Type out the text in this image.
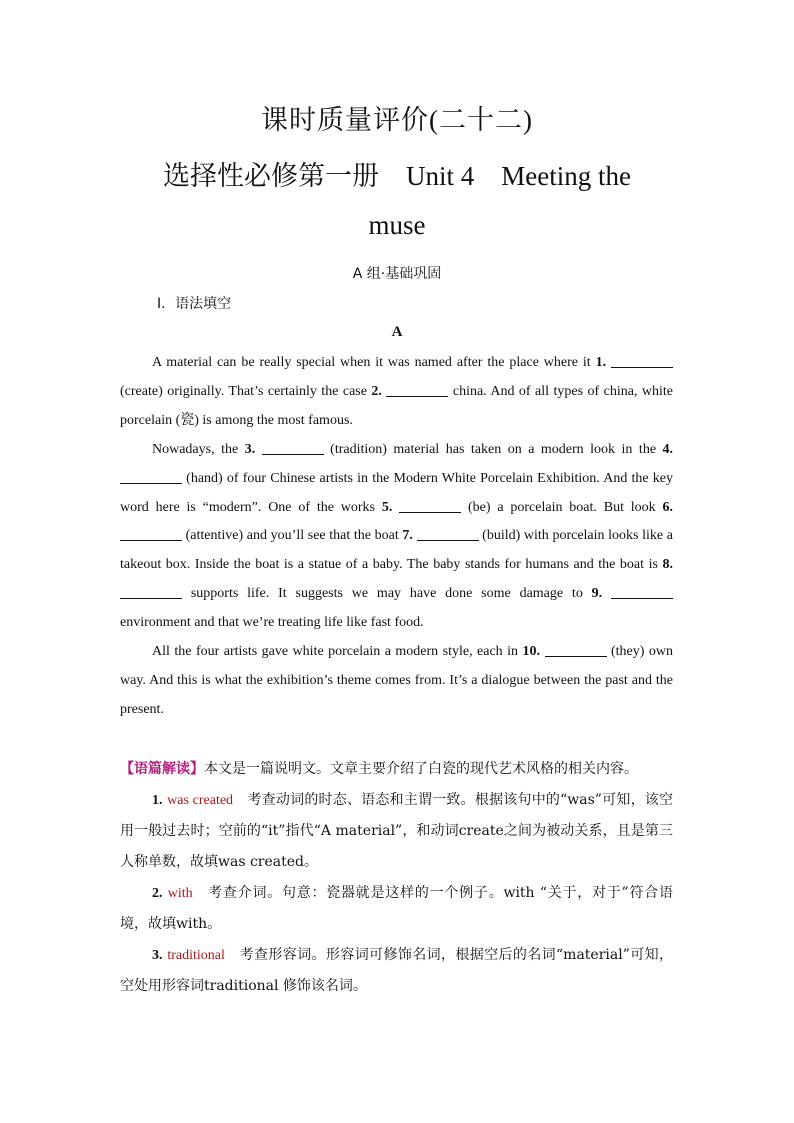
课时质量评价(二十二)
选择性必修第一册　Unit 4　Meeting the
muse
A 组·基础巩固
Ⅰ．语法填空
A

A material can be really special when it was named after the place where it 1.  (create) originally. That’s certainly the case 2.	china. And of all types of china, white porcelain (瓷) is among the most famous.

Nowadays, the 3.	(tradition) material has taken on a modern look in the 4.  (hand) of four Chinese artists in the Modern White Porcelain Exhibition. And the key word here is “modern”. One of the works 5.	(be) a porcelain boat. But look 6.  (attentive) and you’ll see that the boat 7.	(build) with porcelain looks like a takeout box. Inside the boat is a statue of a baby. The baby stands for humans and the boat is 8.  supports life. It suggests we may have done some damage to 9. environment and that we’re treating life like fast food.

All the four artists gave white porcelain a modern style, each in 10.	(they) own way. And this is what the exhibition’s theme comes from. It’s a dialogue between the past and the present.

【语篇解读】本文是一篇说明文。文章主要介绍了白瓷的现代艺术风格的相关内容。

1. was created　考查动词的时态、语态和主谓一致。根据该句中的“was”可知，该空用一般过去时；空前的“it”指代“A material”，和动词create之间为被动关系，且是第三人称单数，故填was created。

2. with　考查介词。句意：瓷器就是这样的一个例子。with “关于，对于”符合语境，故填with。

3. traditional　考查形容词。形容词可修饰名词，根据空后的名词“material”可知，空处用形容词traditional 修饰该名词。
